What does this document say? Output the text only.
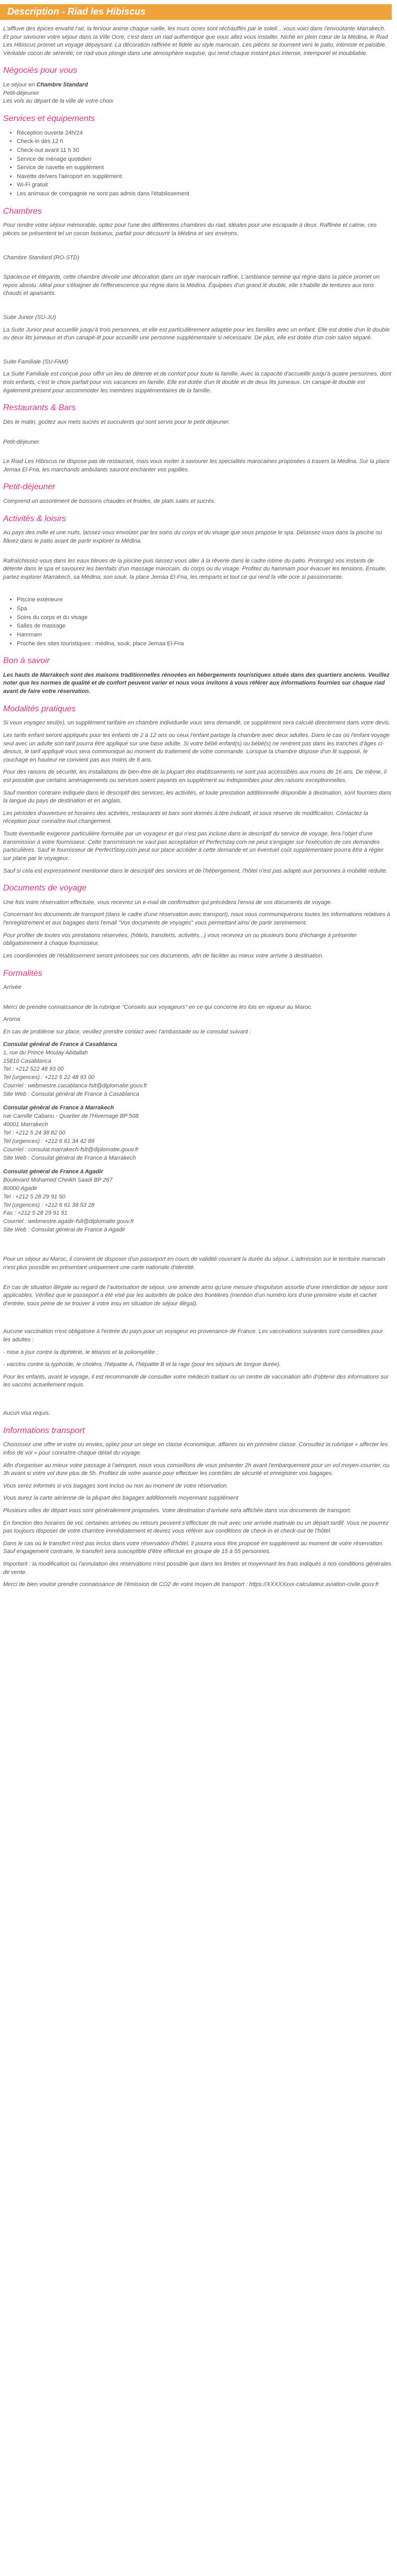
Description - Riad les Hibiscus

L'affluve des épices envahit l'air, la fervour anime chaque ruelle, les murs ocres sont réchauffés par le soleil... vous voici dans l'envoûtante Marrakech. Et pour savourer votre séjour dans la Ville Ocre, c'est dans un riad authentique que vous allez vous installer. Niché en plein cœur de la Médina, le Riad Les Hibiscus promet un voyage dépaysant. La décoration raffinée et fidèle au style marocain. Les pièces se tournent vers le patio, intimiste et paisible. Véritable cocon de sérénité, ce riad vous plonge dans une atmosphère exquise, qui rend chaque instant plus intense, intemporel et inoubliable.

Négociés pour vous
Le séjour en Chambre Standard
Petit-déjeuner
Les vols au départ de la ville de votre choix
Services et équipements
• Réception ouverte 24h/24
• Check-in dès 12 h
• Check-out avant 11 h 30
• Service de ménage quotidien
• Service de navette en supplément
• Navette de/vers l'aéroport en supplément
• Wi-Fi gratuit
• Les animaux de compagnie ne sont pas admis dans l'établissement
Chambres

Pour rendre votre séjour mémorable, optez pour l'une des différentes chambres du riad, idéales pour une escapade à deux. Raffinée et calme, ces pièces se présentent tel un cocon fastueux, parfait pour découvrir la Médina et ses environs.

Chambre Standard (RO-STD)

Spacieuse et élégante, cette chambre dévoile une décoration dans un style marocain raffiné. L'ambiance sereine qui règne dans la pièce promet un repos absolu. Idéal pour s'éloigner de l'effervescence qui règne dans la Médina. Équipées d'un grand lit double, elle s'habille de tentures aux tons chauds et apaisants.

Suite Junior (SU-JU)

La Suite Junior peut accueillir jusqu'à trois personnes, et elle est particulièrement adaptée pour les familles avec un enfant. Elle est dotée d'un lit double ou deux lits jumeaux et d'un canapé-lit pour accueillir une personne supplémentaire si nécessaire. De plus, elle est dotée d'un coin salon séparé.

Suite Familiale (SU-FAM)

La Suite Familiale est conçue pour offrir un lieu de détente et de confort pour toute la famille. Avec la capacité d'accueillir jusqu'à quatre personnes, dont trois enfants, c'est le choix parfait pour vos vacances en famille. Elle est dotée d'un lit double et de deux lits jumeaux. Un canapé-lit double est également présent pour accommoder les membres supplémentaires de la famille.

Restaurants & Bars

Dès le matin, goûtez aux mets sucrés et succulents qui sont servis pour le petit déjeuner.

Petit-déjeuner

Le Riad Les Hibiscus ne dispose pas de restaurant, mais vous inviter à savourer les spécialités marocaines proposées à travers la Médina. Sur la place Jemaa El-Fna, les marchands ambulants sauront enchanter vos papilles.

Petit-déjeuner

Comprend un assortiment de boissons chaudes et froides, de plats salés et sucrés.

Activités & loisirs

Au pays des mille et une nuits, laissez-vous envoûter par les soins du corps et du visage que vous propose le spa. Délassez-vous dans la piscine ou flânez dans le patio avant de partir explorer la Médina.

Rafraîchissez-vous dans les eaux bleues de la piscine puis laissez-vous aller à la rêverie dans le cadre intime du patio. Prolongez vos instants de détente dans le spa et savourez les bienfaits d'un massage marocain, du corps ou du visage. Profitez du hammam pour évacuer les tensions. Ensuite, partez explorer Marrakech, sa Médina, son souk, la place Jemaa El-Fna, les remparts et tout ce qui rend la ville ocre si passionnante.

• Piscine extérieure
• Spa
• Soins du corps et du visage
• Salles de massage
• Hammam
• Proche des sites touristiques : médina, souk, place Jemaa El-Fna
Bon à savoir

Les hauts de Marrakech sont des maisons traditionnelles rénovées en hébergements touristiques situés dans des quartiers anciens. Veuillez noter que les normes de qualité et de confort peuvent varier et nous vous invitons à vous référer aux informations fournies sur chaque riad avant de faire votre réservation.

Modalités pratiques

Si vous voyagez seul(e), un supplément tarifaire en chambre individuelle vous sera demandé, ce supplément sera calculé directement dans votre devis.

Les tarifs enfant seront appliqués pour les enfants de 2 à 12 ans ou ceux l'enfant partage la chambre avec deux adultes. Dans le cas où l'enfant voyage seul avec un adulte son tarif pourra être appliqué sur une base adulte. Si votre bébé enfant(s) ou bébé(s) ne rentrent pas dans les tranches d'âges ci-dessus, le tarif appliqué vous sera communiqué au moment du traitement de votre commande. Lorsque la chambre dispose d'un lit supposé, le couchage en hauteur ne convient pas aux moins de 6 ans.

Pour des raisons de sécurité, les installations de bien-être de la plupart des établissements ne sont pas accessibles aux moins de 16 ans. De même, il est possible que certains aménagements ou services soient payants en supplément ou indisponibles pour des raisons exceptionnelles.

Sauf mention contraire indiquée dans le descriptif des services, les activités, et toute prestation additionnelle disponible à destination, sont fournies dans la langue du pays de destination et en anglais.

Les périodes d'ouverture et horaires des activités, restaurants et bars sont donnés à titre indicatif, et sous réserve de modification. Contactez la réception pour connaître tout changement.

Toute éventuelle exigence particulière formulée par un voyageur et qui n'est pas incluse dans le descriptif du service de voyage, fera l'objet d'une transmission à votre fournisseur. Cette transmission ne vaut pas acceptation et Perfectstay.com ne peut s'engager sur l'exécution de ces demandes particulières. Sauf le fournisseur de PerfectStay.com peut sur place accéder à cette demande et un éventuel coût supplémentaire pourra être à régler sur place par le voyageur.

Sauf si cela est expressément mentionné dans le descriptif des services et de l'hébergement, l'hôtel n'est pas adapté aux personnes à mobilité réduite.

Documents de voyage

Une fois votre réservation effectuée, vous recevrez un e-mail de confirmation qui précèdera l'envoi de vos documents de voyage.

Concernant les documents de transport (dans le cadre d'une réservation avec transport), nous vous communiquerons toutes les informations relatives à l'enregistrement et aux bagages dans l'email "Vos documents de voyages" vous permettant ainsi de partir sereinement.

Pour profiter de toutes vos prestations réservées, (hôtels, transferts, activités...) vous recevrez un ou plusieurs bons d'échange à présenter obligatoirement à chaque fournisseur.

Les coordonnées de l'établissement seront précisées sur ces documents, afin de faciliter au mieux votre arrivée à destination.

Formalités

Arrivée

Merci de prendre connaissance de la rubrique "Conseils aux voyageurs" en ce qui concerne les lois en vigueur au Maroc.

Aroma

En cas de problème sur place, veuillez prendre contact avec l'ambassade ou le consulat suivant :

Consulat général de France à Casablanca
1, rue du Prince Moulay Abdallah
15810 Casablanca
Tel : +212 522 48 93 00
Tel (urgences) : +212 5 22 48 93 00
Courriel : webmestre.casablanca-fslt@diplomatie.gouv.fr
Site Web : Consulat général de France à Casablanca
Consulat général de France à Marrakech
rue Camille Cabanu - Quartier de l'Hivernage BP 508
40001 Marrakech
Tel : +212 5 24 38 82 00
Tel (urgences) : +212 6 61 34 42 89
Courriel : consulat.marrakech-fslt@diplomatie.gouv.fr
Site Web : Consulat général de France à Marrakech
Consulat général de France à Agadir
Boulevard Mohamed Cheikh Saadi BP 267
80000 Agadir
Tel : +212 5 28 29 91 50
Tel (urgences) : +212 6 61 38 53 28
Fax : +212 5 28 29 91 51
Courriel : webmestre.agadir-fslt@diplomatie.gouv.fr
Site Web : Consulat général de France à Agadir

Pour un séjour au Maroc, il convient de disposer d'un passeport en cours de validité couvrant la durée du séjour. L'admission sur le territoire marocain n'est plus possible en présentant uniquement une carte nationale d'identité.

En cas de situation illégale au regard de l'autorisation de séjour, une amende ainsi qu'une mesure d'expulsion assortie d'une interdiction de séjour sont applicables. Vérifiez que le passeport a été visé par les autorités de police des frontières (mention d'un numéro lors d'une première visite et cachet d'entrée, sous peine de se trouver à votre insu en situation de séjour illégal).

Aucune vaccination n'est obligatoire à l'entrée du pays pour un voyageur en provenance de France. Les vaccinations suivantes sont conseillées pour les adultes :

- mise à jour contre la diphtérie, le tétanos et la poliomyélite ;

- vaccins contre la typhoïde, le choléra, l'hépatite A, l'hépatite B et la rage (pour les séjours de longue durée).

Pour les enfants, avant le voyage, il est recommandé de consulter votre médecin traitant ou un centre de vaccination afin d'obtenir des informations sur les vaccins actuellement requis.

Aucun visa requis.

Informations transport

Choisissez une offre et votre ou envies, optez pour un siège en classe économique, affaires ou en première classe. Consultez la rubrique « affecter les infos de vol » pour connaître chaque détail du voyage.

Afin d'organiser au mieux votre passage à l'aéroport, nous vous conseillons de vous présenter 2h avant l'embarquement pour un vol moyen-courrier, ou 3h avant si votre vol dure plus de 5h. Profitez de votre avance pour effectuer les contrôles de sécurité et enregistrer vos bagages.

Vous serez informés si vos bagages sont inclus ou non au moment de votre réservation.

Vous aurez la carte aérienne de la plupart des bagages additionnels moyennant supplément

Plusieurs villes de départ vous sont généralement proposées. Votre destination d'arrivée sera affichée dans vos documents de transport.

En fonction des horaires de vol, certaines arrivées ou retours peuvent s'effectuer de nuit avec une arrivée matinale ou un départ tardif. Vous ne pourrez pas toujours disposer de votre chambre immédiatement et devrez vous référer aux conditions de check-in et check-out de l'hôtel.

Dans le cas où le transfert n'est pas inclus dans votre réservation d'hôtel, il pourra vous être proposé en supplément au moment de votre réservation. Sauf engagement contraire, le transfert sera susceptible d'être effectué en groupe de 15 à 55 personnes.

Important : la modification ou l'annulation des réservations n'est possible que dans les limites et moyennant les frais indiqués à nos conditions générales de vente.

Merci de bien vouloir prendre connaissance de l'émission de CO2 de votre moyen de transport : https://XXXXXxxx-calculateur.aviation-civile.gouv.fr
